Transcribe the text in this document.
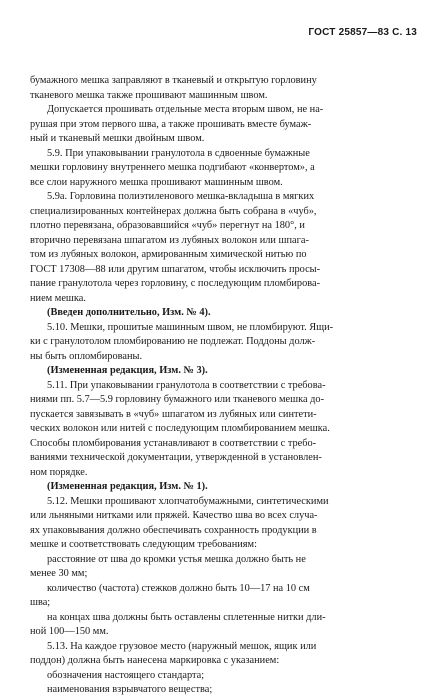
ГОСТ 25857—83 С. 13

бумажного мешка заправляют в тканевый и открытую горловину

тканевого мешка также прошивают машинным швом.

Допускается прошивать отдельные места вторым швом, не на-

рушая при этом первого шва, а также прошивать вместе бумаж-

ный и тканевый мешки двойным швом.

5.9. При упаковывании гранулотола в сдвоенные бумажные

мешки горловину внутреннего мешка подгибают «конвертом», а

все слои наружного мешка прошивают машинным швом.

5.9а. Горловина полиэтиленового мешка-вкладыша в мягких

специализированных контейнерах должна быть собрана в «чуб»,

плотно перевязана, образовавшийся «чуб» перегнут на 180°, и

вторично перевязана шпагатом из лубяных волокон или шпага-

том из лубяных волокон, армированным химической нитью по

ГОСТ 17308—88 или другим шпагатом, чтобы исключить просы-

пание гранулотола через горловину, с последующим пломбирова-

нием мешка.

(Введен дополнительно, Изм. № 4).

5.10. Мешки, прошитые машинным швом, не пломбируют. Ящи-

ки с гранулотолом пломбированию не подлежат. Поддоны долж-

ны быть опломбированы.

(Измененная редакция, Изм. № 3).

5.11. При упаковывании гранулотола в соответствии с требова-

ниями пп. 5.7—5.9 горловину бумажного или тканевого мешка до-

пускается завязывать в «чуб» шпагатом из лубяных или синтети-

ческих волокон или нитей с последующим пломбированием мешка.

Способы пломбирования устанавливают в соответствии с требо-

ваниями технической документации, утвержденной в установлен-

ном порядке.

(Измененная редакция, Изм. № 1).

5.12. Мешки прошивают хлопчатобумажными, синтетическими

или льняными нитками или пряжей. Качество шва во всех случа-

ях упаковывания должно обеспечивать сохранность продукции в

мешке и соответствовать следующим требованиям:

расстояние от шва до кромки устья мешка должно быть не

менее 30 мм;

количество (частота) стежков должно быть 10—17 на 10 см

шва;

на концах шва должны быть оставлены сплетенные нитки дли-

ной 100—150 мм.

5.13. На каждое грузовое место (наружный мешок, ящик или

поддон) должна быть нанесена маркировка с указанием:

обозначения настоящего стандарта;

наименования взрывчатого вещества;
